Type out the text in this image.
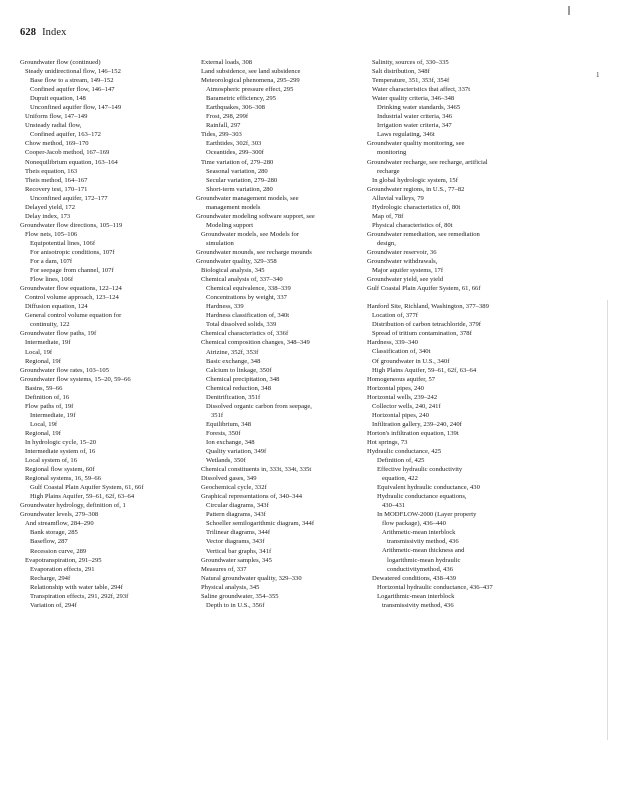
628 Index
Groundwater flow (continued)
Steady unidirectional flow, 146–152
Base flow to a stream, 149–152
Confined aquifer flow, 146–147
Dupuit equation, 148
Unconfined aquifer flow, 147–149
Uniform flow, 147–149
Unsteady radial flow,
Confined aquifer, 163–172
Chow method, 169–170
Cooper-Jacob method, 167–169
Nonequilibrium equation, 163–164
Theis equation, 163
Theis method, 164–167
Recovery test, 170–171
Unconfined aquifer, 172–177
Delayed yield, 172
Delay index, 173
Groundwater flow directions, 105–119
Flow nets, 105–106
Equipotential lines, 106f
For anisotropic conditions, 107f
For a dam, 107f
For seepage from channel, 107f
Flow lines, 106f
Groundwater flow equations, 122–124
Control volume approach, 123–124
Diffusion equation, 124
General control volume equation for
continuity, 122
Groundwater flow paths, 19f
Intermediate, 19f
Local, 19f
Regional, 19f
Groundwater flow rates, 103–105
Groundwater flow systems, 15–20, 59–66
Basins, 59–66
Definition of, 16
Flow paths of, 19f
Intermediate, 19f
Local, 19f
Regional, 19f
In hydrologic cycle, 15–20
Intermediate system of, 16
Local system of, 16
Regional flow system, 60f
Regional systems, 16, 59–66
Gulf Coastal Plain Aquifer System, 61, 66f
High Plains Aquifer, 59–61, 62f, 63–64
Groundwater hydrology, definition of, 1
Groundwater levels, 279–308
And streamflow, 284–290
Bank storage, 285
Baseflow, 287
Recession curve, 289
Evapotranspiration, 291–295
Evaporation effects, 291
Recharge, 294f
Relationship with water table, 294f
Transpiration effects, 291, 292f, 293f
Variation of, 294f
External loads, 308
Land subsidence, see land subsidence
Meteorological phenomena, 295–299
Atmospheric pressure effect, 295
Barametric efficiency, 295
Earthquakes, 306–308
Frost, 298, 299f
Rainfall, 297
Tides, 299–303
Earthtides, 302f, 303
Oceantides, 299–300f
Time variation of, 279–280
Seasonal variation, 280
Secular variation, 279–280
Short-term variation, 280
Groundwater management models, see
management models
Groundwater modeling software support, see
Modeling support
Groundwater models, see Models for
simulation
Groundwater mounds, see recharge mounds
Groundwater quality, 329–358
Biological analysis, 345
Chemical analysis of, 337–340
Chemical equivalence, 338–339
Concentrations by weight, 337
Hardness, 339
Hardness classification of, 340t
Total dissolved solids, 339
Chemical characteristics of, 336f
Chemical composition changes, 348–349
Atrizine, 352f, 353f
Basic exchange, 348
Calcium to linkage, 350f
Chemical precipitation, 348
Chemical reduction, 348
Denitrification, 351f
Dissolved organic carbon from seepage,
351f
Equilibrium, 348
Forests, 350f
Ion exchange, 348
Quality variation, 349f
Wetlands, 350f
Chemical constituents in, 333t, 334t, 335t
Dissolved gases, 349
Geochemical cycle, 332f
Graphical representations of, 340–344
Circular diagrams, 343f
Pattern diagrams, 343f
Schoeller semilogarithmic diagram, 344f
Trilinear diagrams, 344f
Vector diagrams, 343f
Vertical bar graphs, 341f
Groundwater samples, 345
Measures of, 337
Natural groundwater quality, 329–330
Physical analysis, 345
Saline groundwater, 354–355
Depth to in U.S., 356f
Salinity, sources of, 330–335
Salt distribution, 348f
Temperature, 351, 353f, 354f
Water characteristics that affect, 337t
Water quality criteria, 346–348
Drinking water standards, 3465
Industrial water criteria, 346
Irrigation water criteria, 347
Laws regulating, 346t
Groundwater quality monitoring, see
monitoring
Groundwater recharge, see recharge, artificial
recharge
In global hydrologic system, 15f
Groundwater regions, in U.S., 77–82
Alluvial valleys, 79
Hydrologic characteristics of, 80t
Map of, 78f
Physical characteristics of, 80t
Groundwater remediation, see remediation
design,
Groundwater reservoir, 36
Groundwater withdrawals,
Major aquifer systems, 17f
Groundwater yield, see yield
Gulf Coastal Plain Aquifer System, 61, 66f
Hanford Site, Richland, Washington, 377–389
Location of, 377f
Distribution of carbon tetrachloride, 379f
Spread of tritium contamination, 378f
Hardness, 339–340
Classification of, 340t
Of groundwater in U.S., 340f
High Plains Aquifer, 59–61, 62f, 63–64
Homogeneous aquifer, 57
Horizontal pipes, 240
Horizontal wells, 239–242
Collector wells, 240, 241f
Horizontal pipes, 240
Infiltration gallery, 239–240, 240f
Horton's infiltration equation, 139t
Hot springs, 73
Hydraulic conductance, 425
Definition of, 425
Effective hydraulic conductivity
equation, 422
Equivalent hydraulic conductance, 430
Hydraulic conductance equations,
430–431
In MODFLOW-2000 (Layer property
flow package), 436–440
Arithmetic-mean interblock
transmissivity method, 436
Arithmetic-mean thickness and
logarithmic-mean hydraulic
conductivitymethod, 436
Dewatered conditions, 438–439
Horizontal hydraulic conductance, 436–437
Logarithmic-mean interblock
transmissivity method, 436
1
